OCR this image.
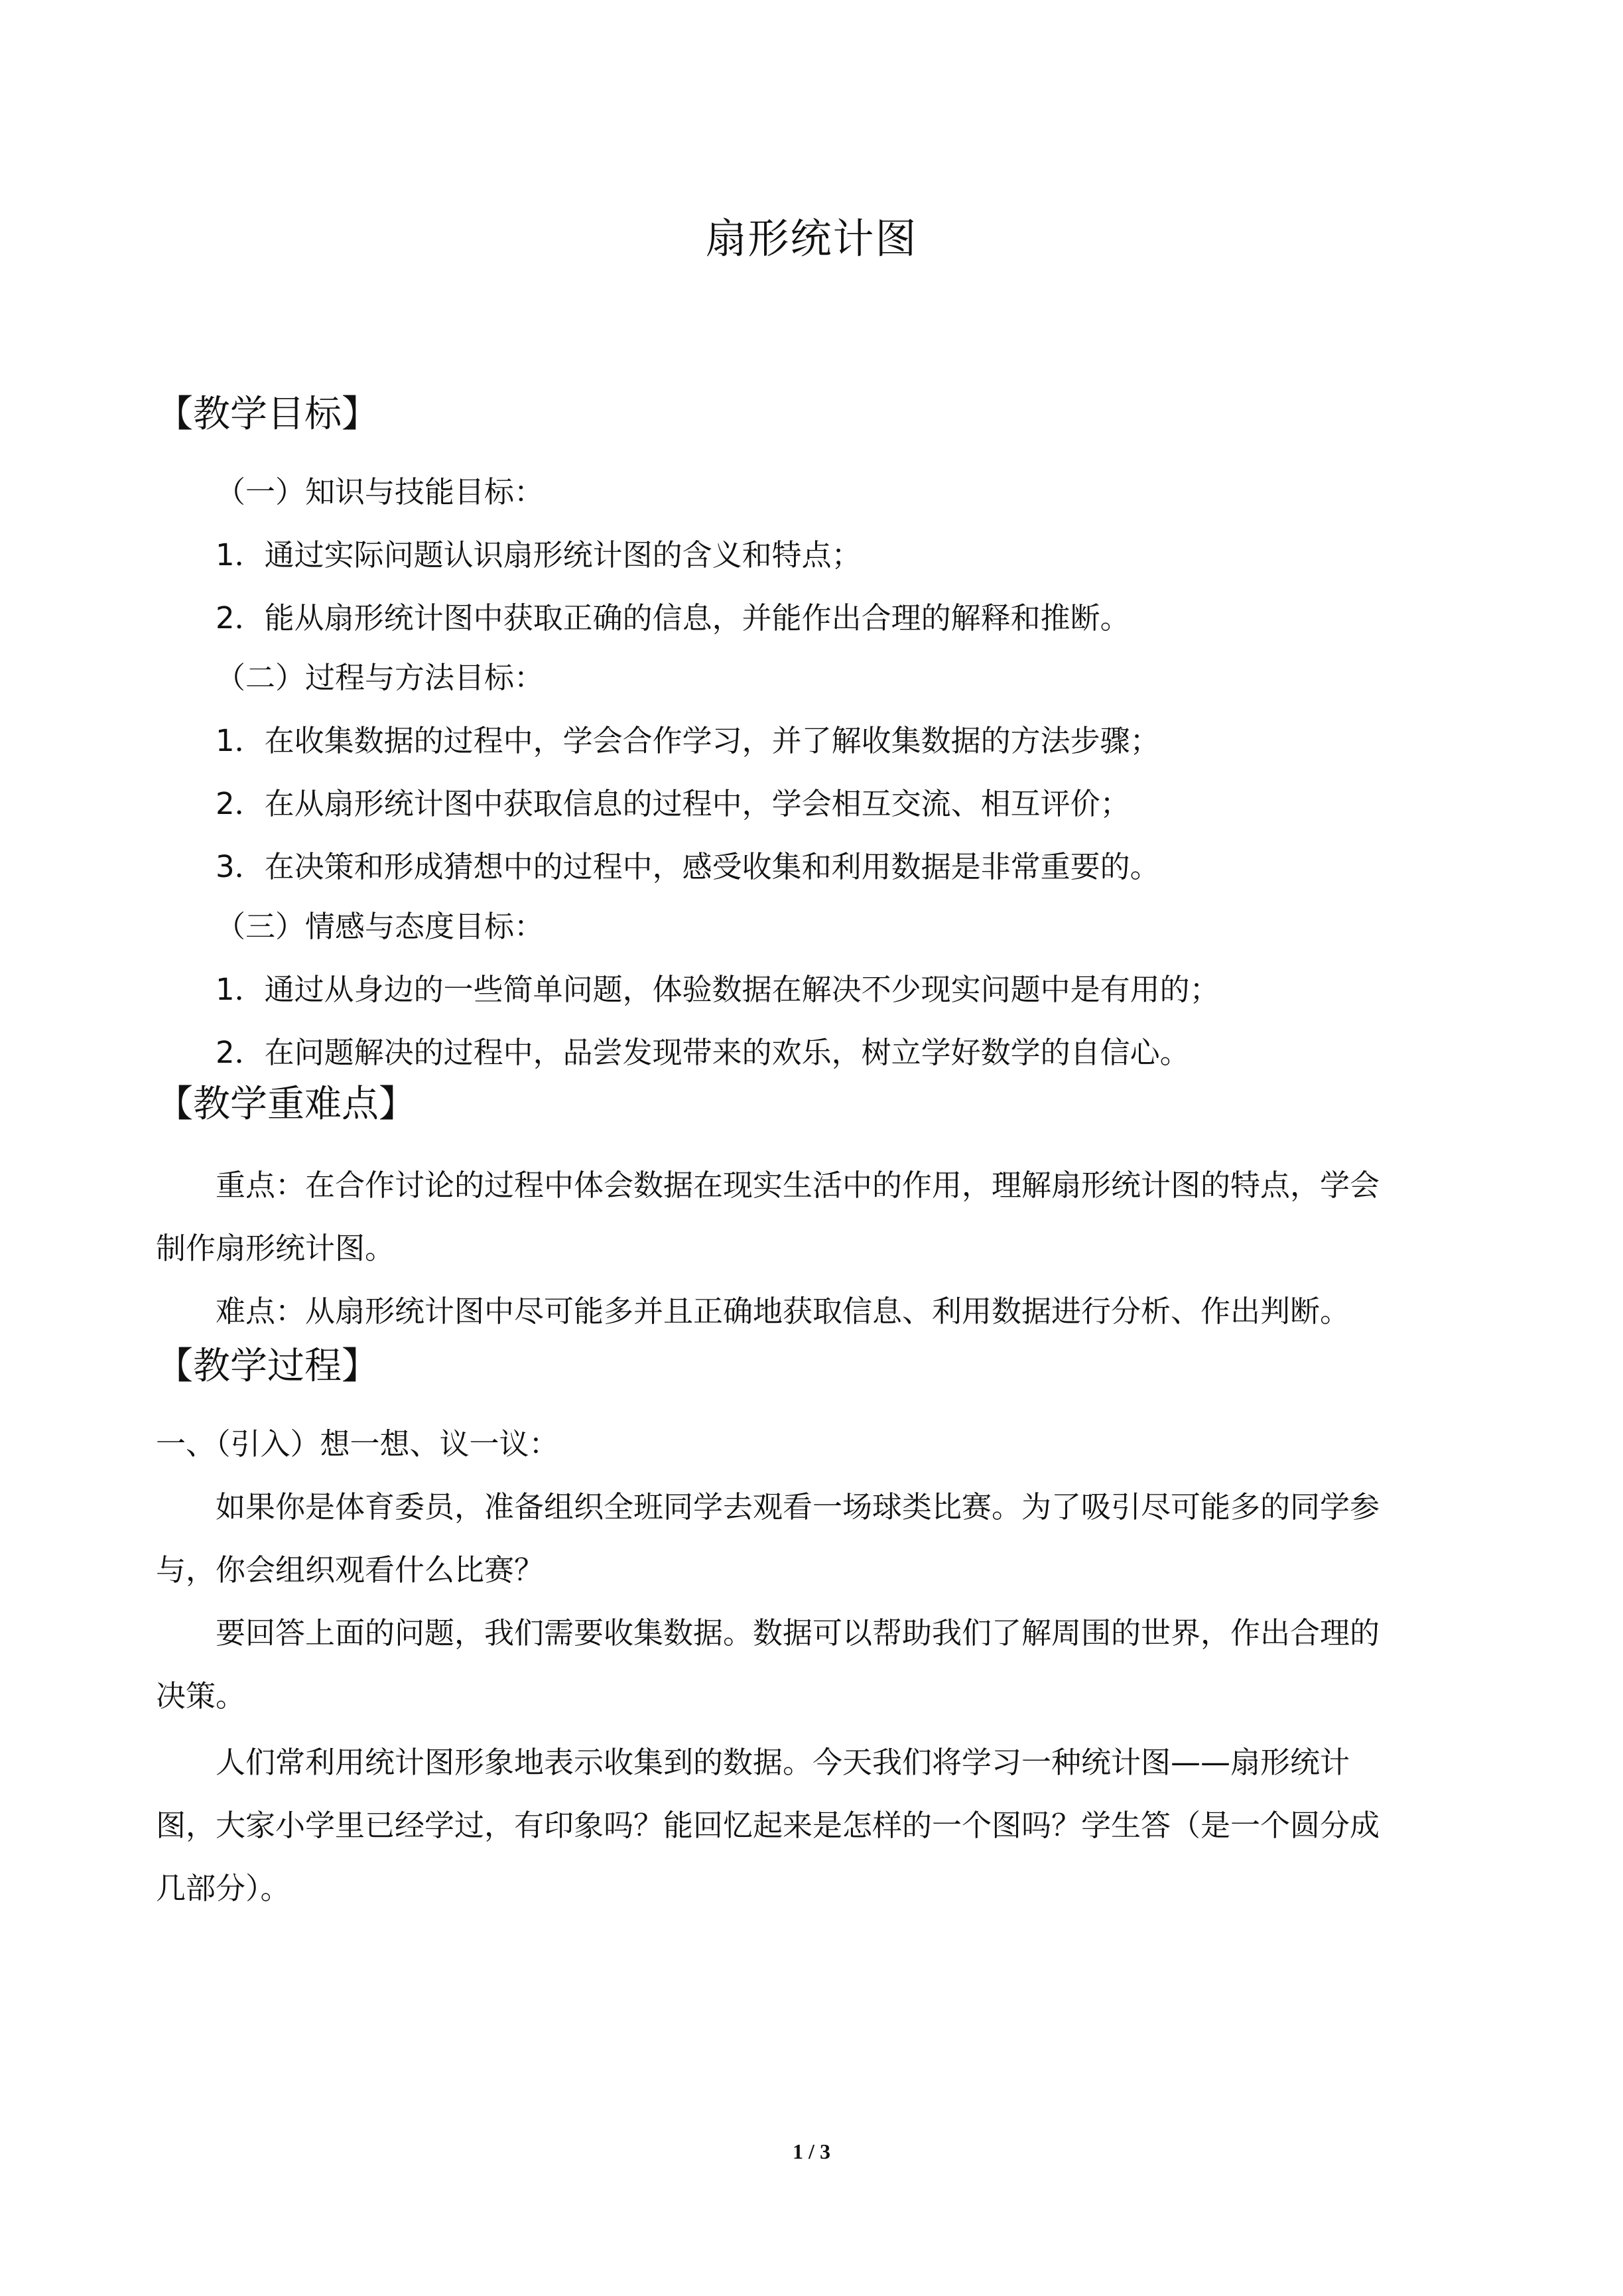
扇形统计图
【教学目标】

（一）知识与技能目标：

1．通过实际问题认识扇形统计图的含义和特点；

2．能从扇形统计图中获取正确的信息，并能作出合理的解释和推断。

（二）过程与方法目标：

1．在收集数据的过程中，学会合作学习，并了解收集数据的方法步骤；

2．在从扇形统计图中获取信息的过程中，学会相互交流、相互评价；

3．在决策和形成猜想中的过程中，感受收集和利用数据是非常重要的。

（三）情感与态度目标：

1．通过从身边的一些简单问题，体验数据在解决不少现实问题中是有用的；

2．在问题解决的过程中，品尝发现带来的欢乐，树立学好数学的自信心。

【教学重难点】

重点：在合作讨论的过程中体会数据在现实生活中的作用，理解扇形统计图的特点，学会

制作扇形统计图。

难点：从扇形统计图中尽可能多并且正确地获取信息、利用数据进行分析、作出判断。

【教学过程】

一、（引入）想一想、议一议：

如果你是体育委员，准备组织全班同学去观看一场球类比赛。为了吸引尽可能多的同学参

与，你会组织观看什么比赛？

要回答上面的问题，我们需要收集数据。数据可以帮助我们了解周围的世界，作出合理的

决策。

人们常利用统计图形象地表示收集到的数据。今天我们将学习一种统计图——扇形统计

图，大家小学里已经学过，有印象吗？能回忆起来是怎样的一个图吗？学生答（是一个圆分成

几部分）。

1 / 3
